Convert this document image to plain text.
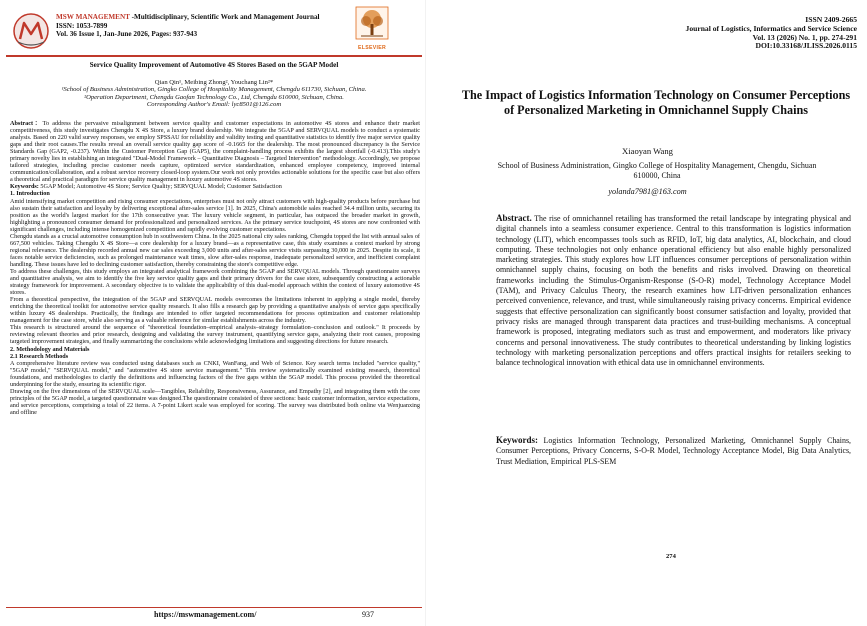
MSW MANAGEMENT -Multidisciplinary, Scientific Work and Management Journal
ISSN: 1053-7899
Vol. 36 Issue 1, Jan-June 2026, Pages: 937-943
ELSEVIER
Service Quality Improvement of Automotive 4S Stores Based on the 5GAP Model
Qian Qin¹, Meibing Zhong², Youchang Lin²*
¹School of Business Administration, Gingko College of Hospitality Management, Chengdu 611730, Sichuan, China.
²Operation Department, Chengdu Gaofan Technology Co., Ltd, Chengdu 610000, Sichuan, China.
Corresponding Author's Email: lyc8501@126.com

Abstract：To address the pervasive misalignment between service quality and customer expectations in automotive 4S stores and enhance their market competitiveness, this study investigates Chengdu X 4S Store, a luxury brand dealership. We integrate the 5GAP and SERVQUAL models to conduct a systematic analysis. Based on 220 valid survey responses, we employ SPSSAU for reliability and validity testing and quantitative statistics to identify five major service quality gaps and their root causes.The results reveal an overall service quality gap score of -0.1665 for the dealership. The most pronounced discrepancy is the Service Standards Gap (GAP2, -0.237). Within the Customer Perception Gap (GAP5), the complaint-handling process exhibits the largest shortfall (-0.413).This study's primary novelty lies in establishing an integrated "Dual-Model Framework – Quantitative Diagnosis – Targeted Intervention" methodology. Accordingly, we propose tailored strategies, including precise customer needs capture, optimized service standardization, enhanced employee competency, improved internal communication/collaboration, and a robust service recovery closed-loop system.Our work not only provides actionable solutions for the specific case but also offers a theoretical and practical paradigm for service quality management in luxury automotive 4S stores.

Keywords: 5GAP Model; Automotive 4S Store; Service Quality; SERVQUAL Model; Customer Satisfaction

1. Introduction

Amid intensifying market competition and rising consumer expectations, enterprises must not only attract customers with high-quality products before purchase but also sustain their satisfaction and loyalty by delivering exceptional after-sales service [1]. In 2025, China's automobile sales reached 34.4 million units, securing its position as the world's largest market for the 17th consecutive year. The luxury vehicle segment, in particular, has outpaced the broader market in growth, highlighting a pronounced consumer demand for professionalized and personalized services. As the primary service touchpoint, 4S stores are now confronted with significant challenges, including intense homogenized competition and rapidly evolving customer expectations.

Chengdu stands as a crucial automotive consumption hub in southwestern China. In the 2025 national city sales ranking, Chengdu topped the list with annual sales of 667,500 vehicles. Taking Chengdu X 4S Store—a core dealership for a luxury brand—as a representative case, this study examines a context marked by strong regional relevance. The dealership recorded annual new car sales exceeding 3,000 units and after-sales service visits surpassing 30,000 in 2025. Despite its scale, it faces notable service deficiencies, such as prolonged maintenance wait times, slow after-sales response, inadequate personalized service, and inefficient complaint handling. These issues have led to declining customer satisfaction, thereby constraining the store's competitive edge.

To address these challenges, this study employs an integrated analytical framework combining the 5GAP and SERVQUAL models. Through questionnaire surveys and quantitative analysis, we aim to identify the five key service quality gaps and their primary drivers for the case store, subsequently constructing a actionable strategy framework for improvement. A secondary objective is to validate the applicability of this dual-model approach within the context of luxury automotive 4S stores.

From a theoretical perspective, the integration of the 5GAP and SERVQUAL models overcomes the limitations inherent in applying a single model, thereby enriching the theoretical toolkit for automotive service quality research. It also fills a research gap by providing a quantitative analysis of service gaps specifically within luxury 4S dealerships. Practically, the findings are intended to offer targeted recommendations for process optimization and customer relationship management for the case store, while also serving as a valuable reference for similar establishments across the industry.

This research is structured around the sequence of "theoretical foundation–empirical analysis–strategy formulation–conclusion and outlook." It proceeds by reviewing relevant theories and prior research, designing and validating the survey instrument, quantifying service gaps, analyzing their root causes, proposing targeted improvement strategies, and finally summarizing the conclusions while acknowledging limitations and suggesting directions for future research.

2. Methodology and Materials

2.1 Research Methods

A comprehensive literature review was conducted using databases such as CNKI, WanFang, and Web of Science. Key search terms included "service quality," "5GAP model," "SERVQUAL model," and "automotive 4S store service management." This review systematically examined existing research, theoretical foundations, and methodologies to clarify the definitions and influencing factors of the five gaps within the 5GAP model. This process provided the theoretical underpinning for the study, ensuring its scientific rigor.

Drawing on the five dimensions of the SERVQUAL scale—Tangibles, Reliability, Responsiveness, Assurance, and Empathy [2], and integrating them with the core principles of the 5GAP model, a targeted questionnaire was designed.The questionnaire consisted of three sections: basic customer information, service expectations, and service perceptions, comprising a total of 22 items. A 7-point Likert scale was employed for scoring. The survey was distributed both online via Wenjuanxing and offline

https://mswmanagement.com/	937
ISSN 2409-2665
Journal of Logistics, Informatics and Service Science
Vol. 13 (2026) No. 1, pp. 274-291
DOI:10.33168/JLISS.2026.0115
The Impact of Logistics Information Technology on Consumer Perceptions of Personalized Marketing in Omnichannel Supply Chains
Xiaoyan Wang
School of Business Administration, Gingko College of Hospitality Management, Chengdu, Sichuan 610000, China
yolanda7981@163.com
Abstract. The rise of omnichannel retailing has transformed the retail landscape by integrating physical and digital channels into a seamless consumer experience. Central to this transformation is logistics information technology (LIT), which encompasses tools such as RFID, IoT, big data analytics, AI, blockchain, and cloud computing. These technologies not only enhance operational efficiency but also enable highly personalized marketing strategies. This study explores how LIT influences consumer perceptions of personalization within omnichannel supply chains, focusing on both the benefits and risks involved. Drawing on theoretical frameworks including the Stimulus-Organism-Response (S-O-R) model, Technology Acceptance Model (TAM), and Privacy Calculus Theory, the research examines how LIT-driven personalization enhances perceived convenience, relevance, and trust, while simultaneously raising privacy concerns. Empirical evidence suggests that effective personalization can significantly boost consumer satisfaction and loyalty, provided that privacy risks are managed through transparent data practices and trust-building mechanisms. A conceptual framework is proposed, integrating mediators such as trust and empowerment, and moderators like privacy concerns and personal innovativeness. The study contributes to theoretical understanding by linking logistics technology with marketing personalization perceptions and offers practical insights for retailers seeking to balance technological innovation with ethical data use in omnichannel environments.
Keywords: Logistics Information Technology, Personalized Marketing, Omnichannel Supply Chains, Consumer Perceptions, Privacy Concerns, S-O-R Model, Technology Acceptance Model, Big Data Analytics, Trust Mediation, Empirical PLS-SEM
274
